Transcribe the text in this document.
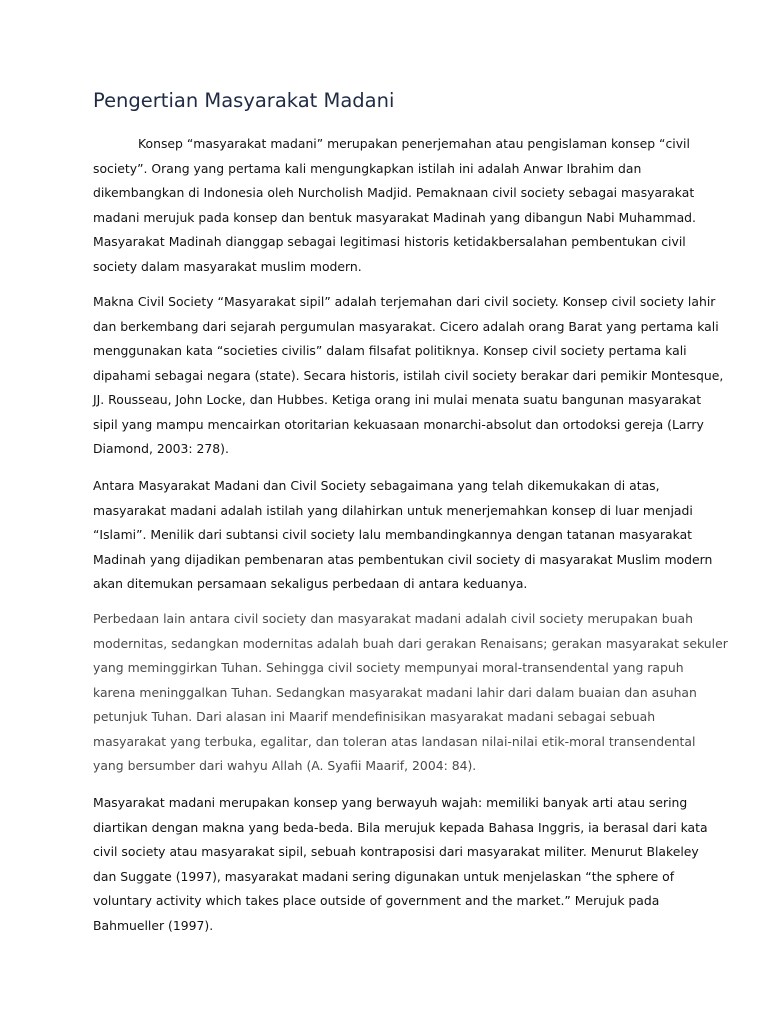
Pengertian Masyarakat Madani

Konsep “masyarakat madani” merupakan penerjemahan atau pengislaman konsep “civil
society”. Orang yang pertama kali mengungkapkan istilah ini adalah Anwar Ibrahim dan
dikembangkan di Indonesia oleh Nurcholish Madjid. Pemaknaan civil society sebagai masyarakat
madani merujuk pada konsep dan bentuk masyarakat Madinah yang dibangun Nabi Muhammad.
Masyarakat Madinah dianggap sebagai legitimasi historis ketidakbersalahan pembentukan civil
society dalam masyarakat muslim modern.

Makna Civil Society “Masyarakat sipil” adalah terjemahan dari civil society. Konsep civil society lahir
dan berkembang dari sejarah pergumulan masyarakat. Cicero adalah orang Barat yang pertama kali
menggunakan kata “societies civilis” dalam filsafat politiknya. Konsep civil society pertama kali
dipahami sebagai negara (state). Secara historis, istilah civil society berakar dari pemikir Montesque,
JJ. Rousseau, John Locke, dan Hubbes. Ketiga orang ini mulai menata suatu bangunan masyarakat
sipil yang mampu mencairkan otoritarian kekuasaan monarchi-absolut dan ortodoksi gereja (Larry
Diamond, 2003: 278).

Antara Masyarakat Madani dan Civil Society sebagaimana yang telah dikemukakan di atas,
masyarakat madani adalah istilah yang dilahirkan untuk menerjemahkan konsep di luar menjadi
“Islami”. Menilik dari subtansi civil society lalu membandingkannya dengan tatanan masyarakat
Madinah yang dijadikan pembenaran atas pembentukan civil society di masyarakat Muslim modern
akan ditemukan persamaan sekaligus perbedaan di antara keduanya.

Perbedaan lain antara civil society dan masyarakat madani adalah civil society merupakan buah
modernitas, sedangkan modernitas adalah buah dari gerakan Renaisans; gerakan masyarakat sekuler
yang meminggirkan Tuhan. Sehingga civil society mempunyai moral-transendental yang rapuh
karena meninggalkan Tuhan. Sedangkan masyarakat madani lahir dari dalam buaian dan asuhan
petunjuk Tuhan. Dari alasan ini Maarif mendefinisikan masyarakat madani sebagai sebuah
masyarakat yang terbuka, egalitar, dan toleran atas landasan nilai-nilai etik-moral transendental
yang bersumber dari wahyu Allah (A. Syafii Maarif, 2004: 84).

Masyarakat madani merupakan konsep yang berwayuh wajah: memiliki banyak arti atau sering
diartikan dengan makna yang beda-beda. Bila merujuk kepada Bahasa Inggris, ia berasal dari kata
civil society atau masyarakat sipil, sebuah kontraposisi dari masyarakat militer. Menurut Blakeley
dan Suggate (1997), masyarakat madani sering digunakan untuk menjelaskan “the sphere of
voluntary activity which takes place outside of government and the market.” Merujuk pada
Bahmueller (1997).
